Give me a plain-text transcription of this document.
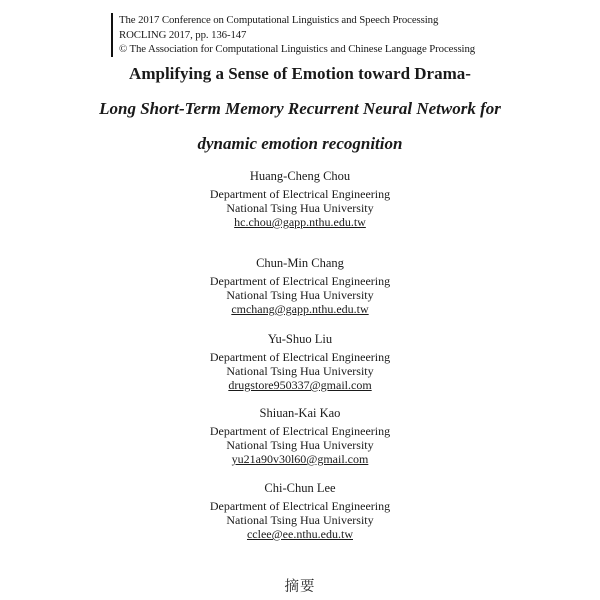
The 2017 Conference on Computational Linguistics and Speech Processing
ROCLING 2017, pp. 136-147
© The Association for Computational Linguistics and Chinese Language Processing
Amplifying a Sense of Emotion toward Drama-
Long Short-Term Memory Recurrent Neural Network for
dynamic emotion recognition
Huang-Cheng Chou
Department of Electrical Engineering
National Tsing Hua University
hc.chou@gapp.nthu.edu.tw
Chun-Min Chang
Department of Electrical Engineering
National Tsing Hua University
cmchang@gapp.nthu.edu.tw
Yu-Shuo Liu
Department of Electrical Engineering
National Tsing Hua University
drugstore950337@gmail.com
Shiuan-Kai Kao
Department of Electrical Engineering
National Tsing Hua University
yu21a90v30l60@gmail.com
Chi-Chun Lee
Department of Electrical Engineering
National Tsing Hua University
cclee@ee.nthu.edu.tw
摘要
